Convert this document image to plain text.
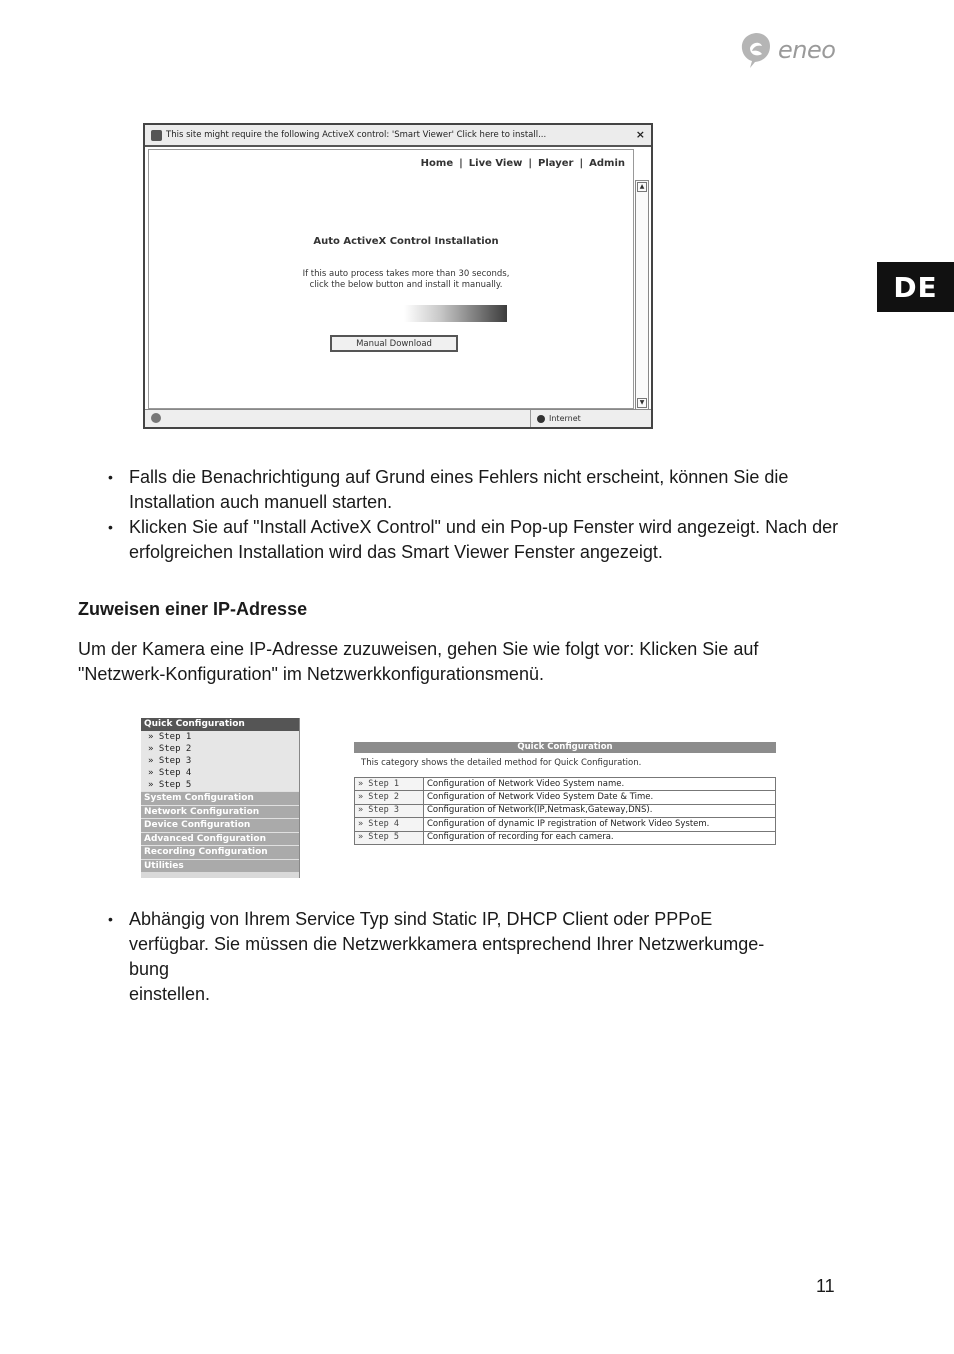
eneo
DE
This site might require the following ActiveX control: 'Smart Viewer' Click here to install...	×
Home | Live View | Player | Admin
Auto ActiveX Control Installation
If this auto process takes more than 30 seconds,
click the below button and install it manually.
Manual Download
▲
▼
Internet
• Falls die Benachrichtigung auf Grund eines Fehlers nicht erscheint, können Sie die Installation auch manuell starten.
• Klicken Sie auf "Install ActiveX Control" und ein Pop-up Fenster wird angezeigt. Nach der erfolgreichen Installation wird das Smart Viewer Fenster angezeigt.
Zuweisen einer IP-Adresse
Um der Kamera eine IP-Adresse zuzuweisen, gehen Sie wie folgt vor: Klicken Sie auf "Netzwerk-Konfiguration" im Netzwerkkonfigurationsmenü.
Quick Configuration
» Step 1
» Step 2
» Step 3
» Step 4
» Step 5
System Configuration
Network Configuration
Device Configuration
Advanced Configuration
Recording Configuration
Utilities
Quick Configuration
This category shows the detailed method for Quick Configuration.
» Step 1	Configuration of Network Video System name.
» Step 2	Configuration of Network Video System Date & Time.
» Step 3	Configuration of Network(IP,Netmask,Gateway,DNS).
» Step 4	Configuration of dynamic IP registration of Network Video System.
» Step 5	Configuration of recording for each camera.
• Abhängig von Ihrem Service Typ sind Static IP, DHCP Client oder PPPoE
verfügbar. Sie müssen die Netzwerkkamera entsprechend Ihrer Netzwerkumge-
bung
einstellen.
11
